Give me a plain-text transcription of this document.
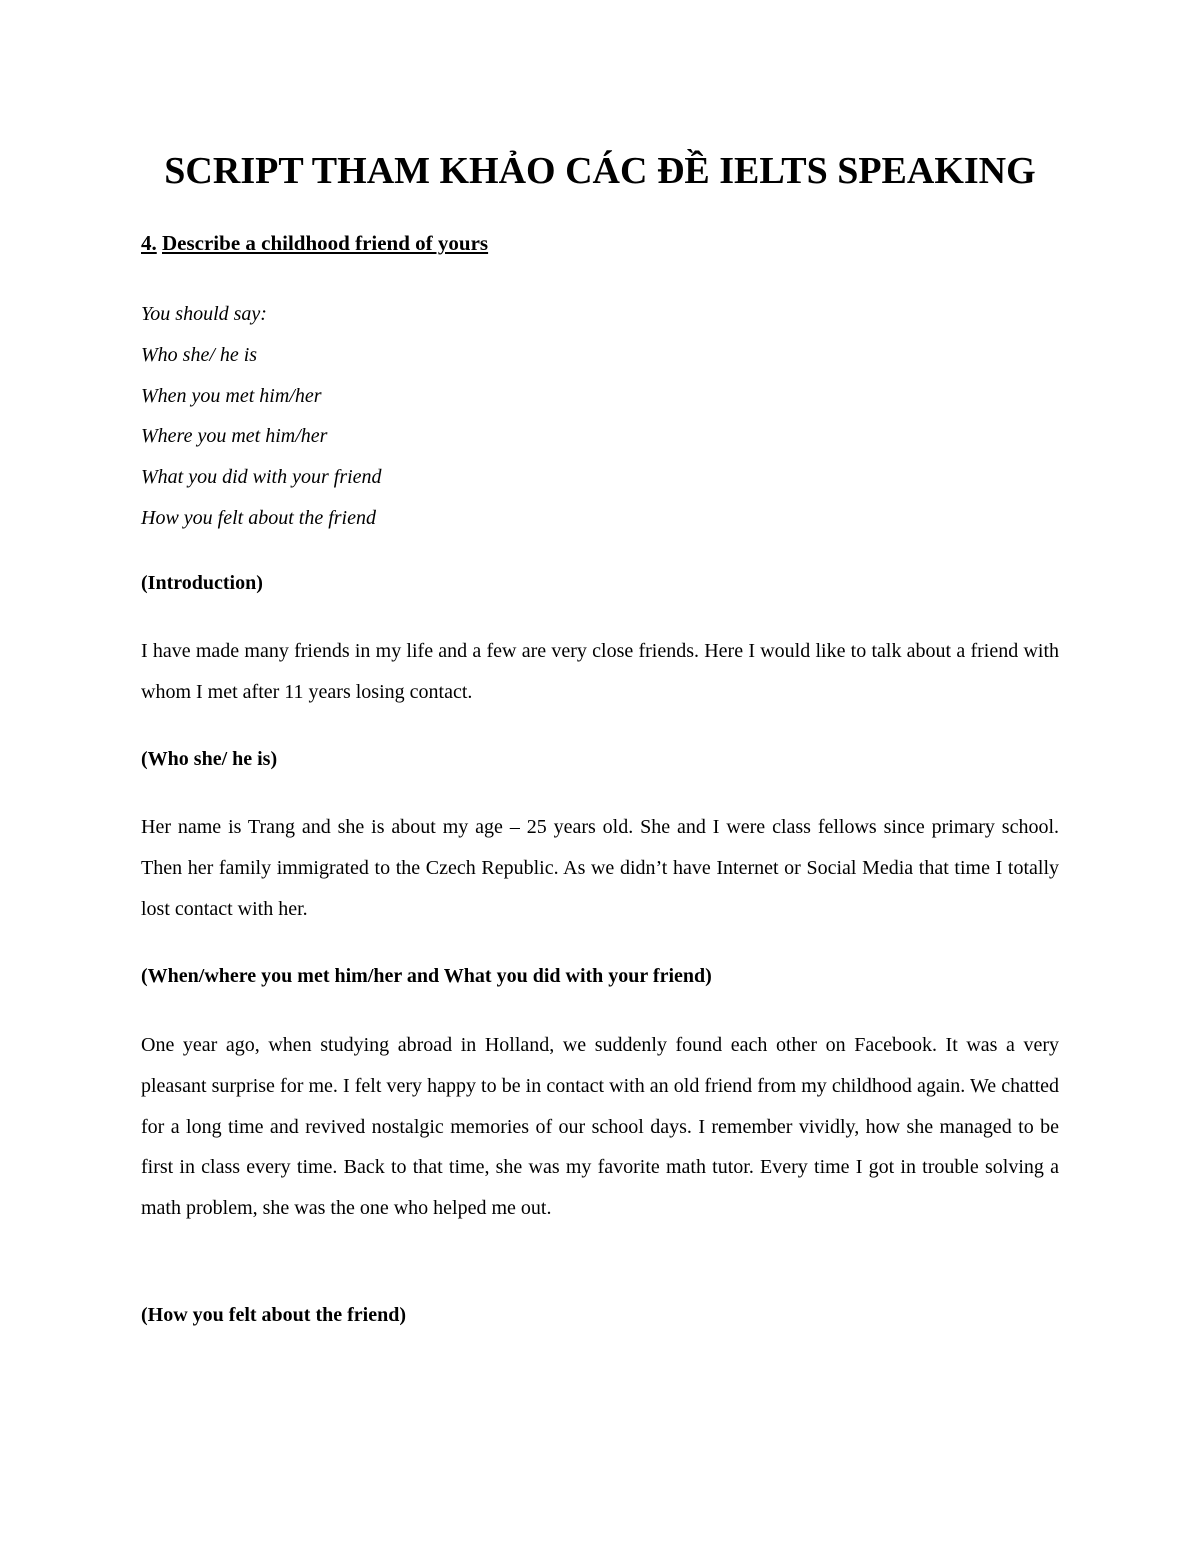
SCRIPT THAM KHẢO CÁC ĐỀ IELTS SPEAKING
4. Describe a childhood friend of yours
You should say:
Who she/ he is
When you met him/her
Where you met him/her
What you did with your friend
How you felt about the friend
(Introduction)

I have made many friends in my life and a few are very close friends. Here I would like to talk about a friend with whom I met after 11 years losing contact.

(Who she/ he is)

Her name is Trang and she is about my age – 25 years old. She and I were class fellows since primary school. Then her family immigrated to the Czech Republic. As we didn’t have Internet or Social Media that time I totally lost contact with her.

(When/where you met him/her and What you did with your friend)

One year ago, when studying abroad in Holland, we suddenly found each other on Facebook. It was a very pleasant surprise for me. I felt very happy to be in contact with an old friend from my childhood again. We chatted for a long time and revived nostalgic memories of our school days. I remember vividly, how she managed to be first in class every time. Back to that time, she was my favorite math tutor. Every time I got in trouble solving a math problem, she was the one who helped me out.

(How you felt about the friend)
